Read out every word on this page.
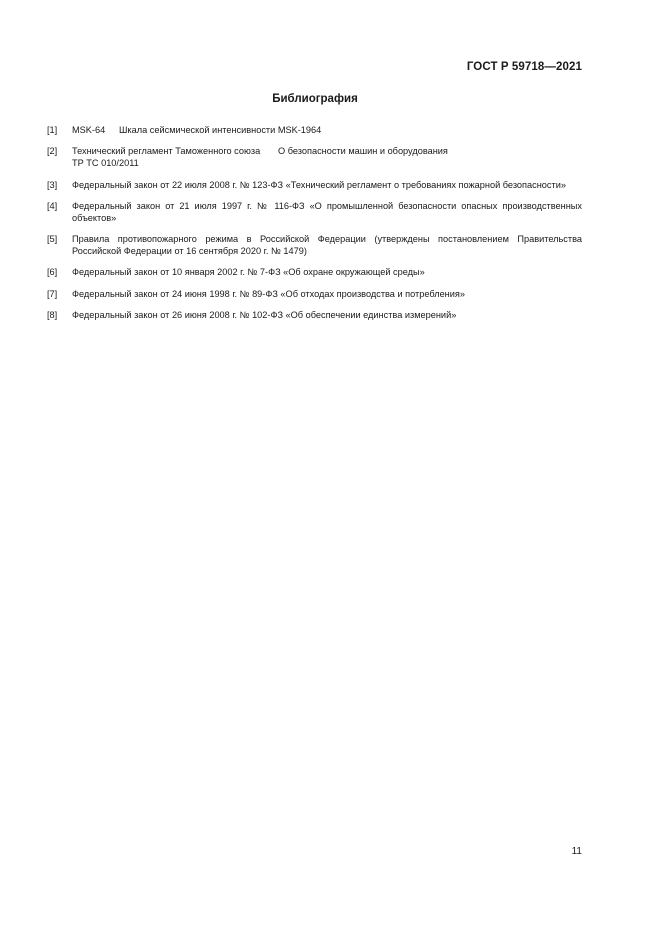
ГОСТ Р 59718—2021
Библиография
[1] MSK-64	Шкала сейсмической интенсивности MSK-1964
[2] Технический регламент Таможенного союза	О безопасности машин и оборудования
ТР ТС 010/2011
[3] Федеральный закон от 22 июля 2008 г. № 123-ФЗ «Технический регламент о требованиях пожарной безопасности»
[4] Федеральный закон от 21 июля 1997 г. № 116-ФЗ «О промышленной безопасности опасных производственных объектов»
[5] Правила противопожарного режима в Российской Федерации (утверждены постановлением Правительства Российской Федерации от 16 сентября 2020 г. № 1479)
[6] Федеральный закон от 10 января 2002 г. № 7-ФЗ «Об охране окружающей среды»
[7] Федеральный закон от 24 июня 1998 г. № 89-ФЗ «Об отходах производства и потребления»
[8] Федеральный закон от 26 июня 2008 г. № 102-ФЗ «Об обеспечении единства измерений»
11
